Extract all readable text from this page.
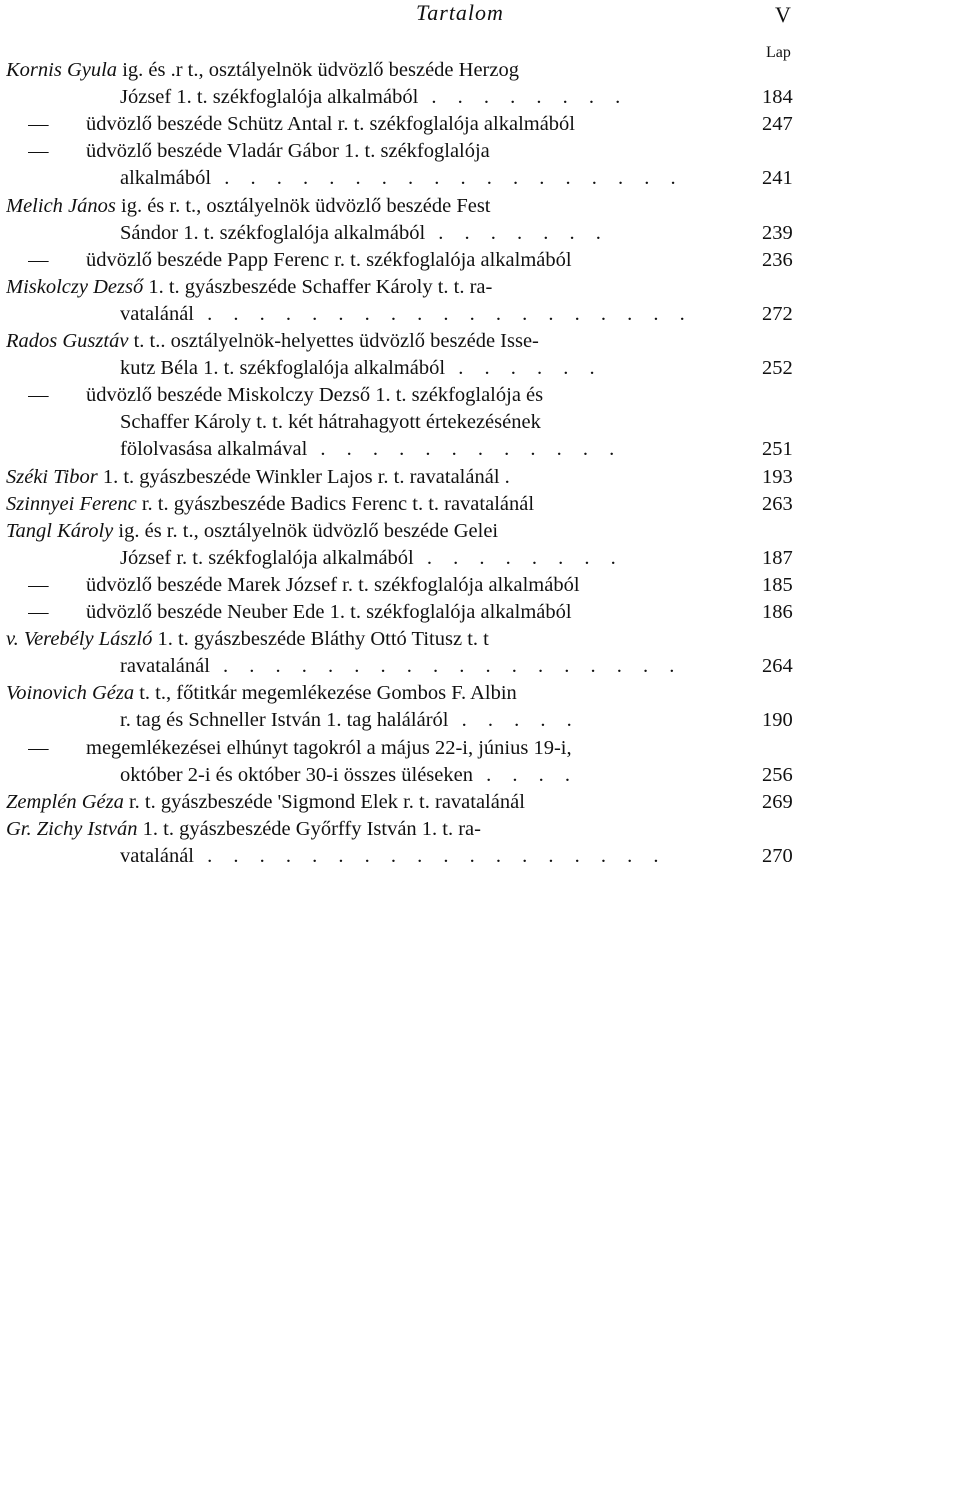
Tartalom	V
Lap
Kornis Gyula ig. és .r t., osztályelnök üdvözlő beszéde Herzog
József 1. t. székfoglalója alkalmából . . . . . . . .	184
— üdvözlő beszéde Schütz Antal r. t. székfoglalója alkalmából	247
— üdvözlő beszéde Vladár Gábor 1. t. székfoglalója
alkalmából . . . . . . . . . . . . . . . . . .	241
Melich János ig. és r. t., osztályelnök üdvözlő beszéde Fest
Sándor 1. t. székfoglalója alkalmából . . . . . . .	239
— üdvözlő beszéde Papp Ferenc r. t. székfoglalója alkalmából	236
Miskolczy Dezső 1. t. gyászbeszéde Schaffer Károly t. t. ra-
vatalánál . . . . . . . . . . . . . . . . . . .	272
Rados Gusztáv t. t.. osztályelnök-helyettes üdvözlő beszéde Isse-
kutz Béla 1. t. székfoglalója alkalmából . . . . . .	252
— üdvözlő beszéde Miskolczy Dezső 1. t. székfoglalója és
Schaffer Károly t. t. két hátrahagyott értekezésének
fölolvasása alkalmával . . . . . . . . . . . .	251
Széki Tibor 1. t. gyászbeszéde Winkler Lajos r. t. ravatalánál .	193
Szinnyei Ferenc r. t. gyászbeszéde Badics Ferenc t. t. ravatalánál	263
Tangl Károly ig. és r. t., osztályelnök üdvözlő beszéde Gelei
József r. t. székfoglalója alkalmából . . . . . . . .	187
— üdvözlő beszéde Marek József r. t. székfoglalója alkalmából	185
— üdvözlő beszéde Neuber Ede 1. t. székfoglalója alkalmából	186
v. Verebély László 1. t. gyászbeszéde Bláthy Ottó Titusz t. t
ravatalánál . . . . . . . . . . . . . . . . . .	264
Voinovich Géza t. t., főtitkár megemlékezése Gombos F. Albin
r. tag és Schneller István 1. tag haláláról . . . . .	190
— megemlékezései elhúnyt tagokról a május 22-i, június 19-i,
október 2-i és október 30-i összes üléseken . . . .	256
Zemplén Géza r. t. gyászbeszéde 'Sigmond Elek r. t. ravatalánál	269
Gr. Zichy István 1. t. gyászbeszéde Győrffy István 1. t. ra-
vatalánál . . . . . . . . . . . . . . . . . .	270
